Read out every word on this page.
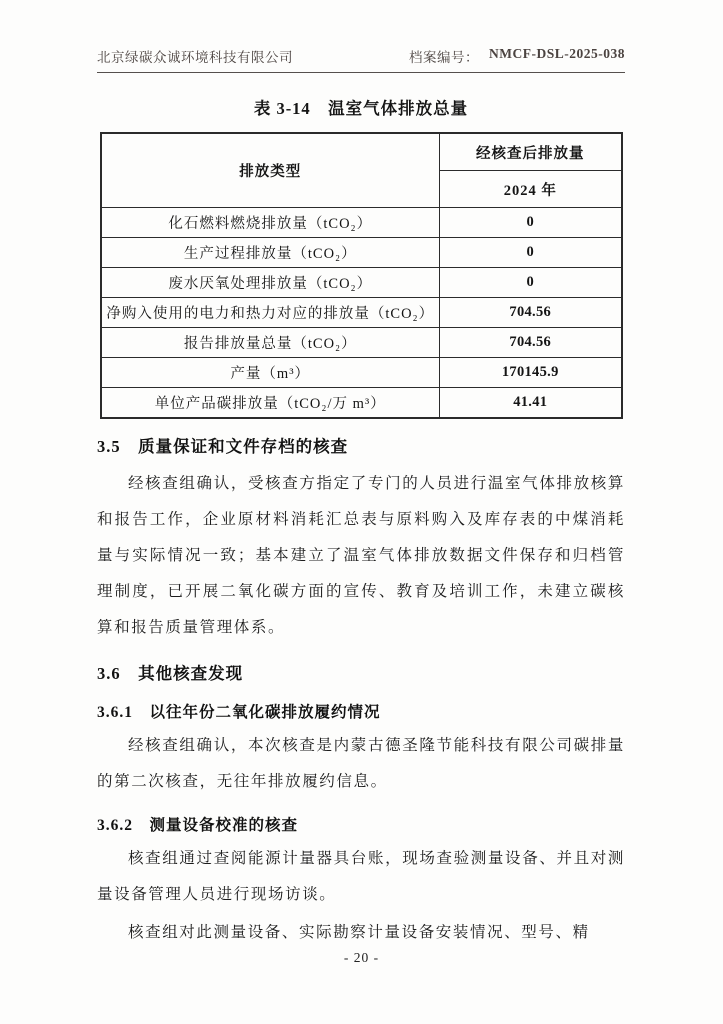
北京绿碳众诚环境科技有限公司	档案编号： NMCF-DSL-2025-038
表 3-14　温室气体排放总量
排放类型	经核查后排放量
	2024 年
化石燃料燃烧排放量（tCO₂）	0
生产过程排放量（tCO₂）	0
废水厌氧处理排放量（tCO₂）	0
净购入使用的电力和热力对应的排放量（tCO₂）	704.56
报告排放量总量（tCO₂）	704.56
产量（m³）	170145.9
单位产品碳排放量（tCO₂/万 m³）	41.41
3.5　质量保证和文件存档的核查

经核查组确认，受核查方指定了专门的人员进行温室气体排放核算和报告工作，企业原材料消耗汇总表与原料购入及库存表的中煤消耗量与实际情况一致；基本建立了温室气体排放数据文件保存和归档管理制度，已开展二氧化碳方面的宣传、教育及培训工作，未建立碳核算和报告质量管理体系。

3.6　其他核查发现
3.6.1　以往年份二氧化碳排放履约情况

经核查组确认，本次核查是内蒙古德圣隆节能科技有限公司碳排量的第二次核查，无往年排放履约信息。

3.6.2　测量设备校准的核查

核查组通过查阅能源计量器具台账，现场查验测量设备、并且对测量设备管理人员进行现场访谈。

核查组对此测量设备、实际勘察计量设备安装情况、型号、精

- 20 -
